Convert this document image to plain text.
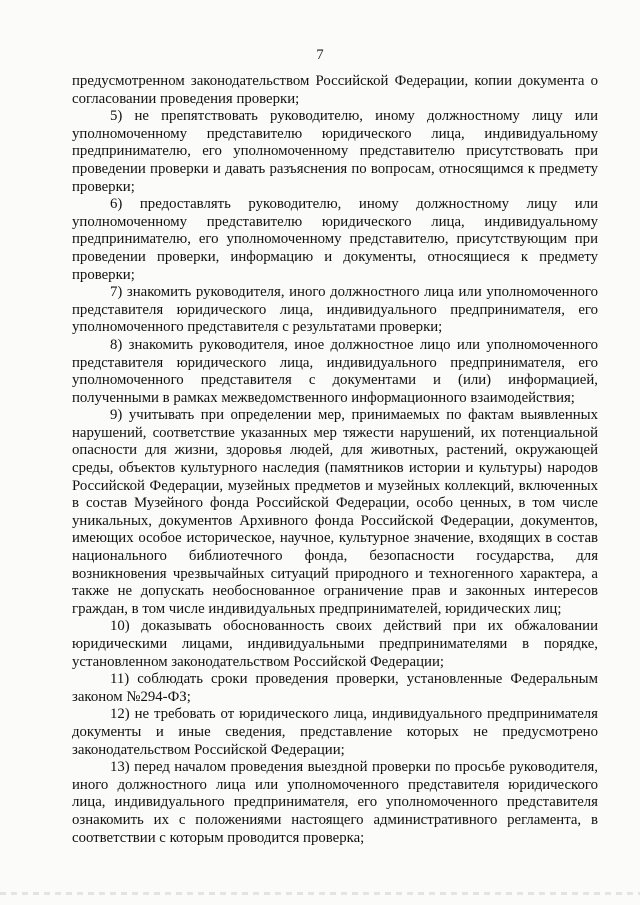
7

предусмотренном законодательством Российской Федерации, копии документа о согласовании проведения проверки;

5) не препятствовать руководителю, иному должностному лицу или уполномоченному представителю юридического лица, индивидуальному предпринимателю, его уполномоченному представителю присутствовать при проведении проверки и давать разъяснения по вопросам, относящимся к предмету проверки;

6) предоставлять руководителю, иному должностному лицу или уполномоченному представителю юридического лица, индивидуальному предпринимателю, его уполномоченному представителю, присутствующим при проведении проверки, информацию и документы, относящиеся к предмету проверки;

7) знакомить руководителя, иного должностного лица или уполномоченного представителя юридического лица, индивидуального предпринимателя, его уполномоченного представителя с результатами проверки;

8) знакомить руководителя, иное должностное лицо или уполномоченного представителя юридического лица, индивидуального предпринимателя, его уполномоченного представителя с документами и (или) информацией, полученными в рамках межведомственного информационного взаимодействия;

9) учитывать при определении мер, принимаемых по фактам выявленных нарушений, соответствие указанных мер тяжести нарушений, их потенциальной опасности для жизни, здоровья людей, для животных, растений, окружающей среды, объектов культурного наследия (памятников истории и культуры) народов Российской Федерации, музейных предметов и музейных коллекций, включенных в состав Музейного фонда Российской Федерации, особо ценных, в том числе уникальных, документов Архивного фонда Российской Федерации, документов, имеющих особое историческое, научное, культурное значение, входящих в состав национального библиотечного фонда, безопасности государства, для возникновения чрезвычайных ситуаций природного и техногенного характера, а также не допускать необоснованное ограничение прав и законных интересов граждан, в том числе индивидуальных предпринимателей, юридических лиц;

10) доказывать обоснованность своих действий при их обжаловании юридическими лицами, индивидуальными предпринимателями в порядке, установленном законодательством Российской Федерации;

11) соблюдать сроки проведения проверки, установленные Федеральным законом №294-ФЗ;

12) не требовать от юридического лица, индивидуального предпринимателя документы и иные сведения, представление которых не предусмотрено законодательством Российской Федерации;

13) перед началом проведения выездной проверки по просьбе руководителя, иного должностного лица или уполномоченного представителя юридического лица, индивидуального предпринимателя, его уполномоченного представителя ознакомить их с положениями настоящего административного регламента, в соответствии с которым проводится проверка;
